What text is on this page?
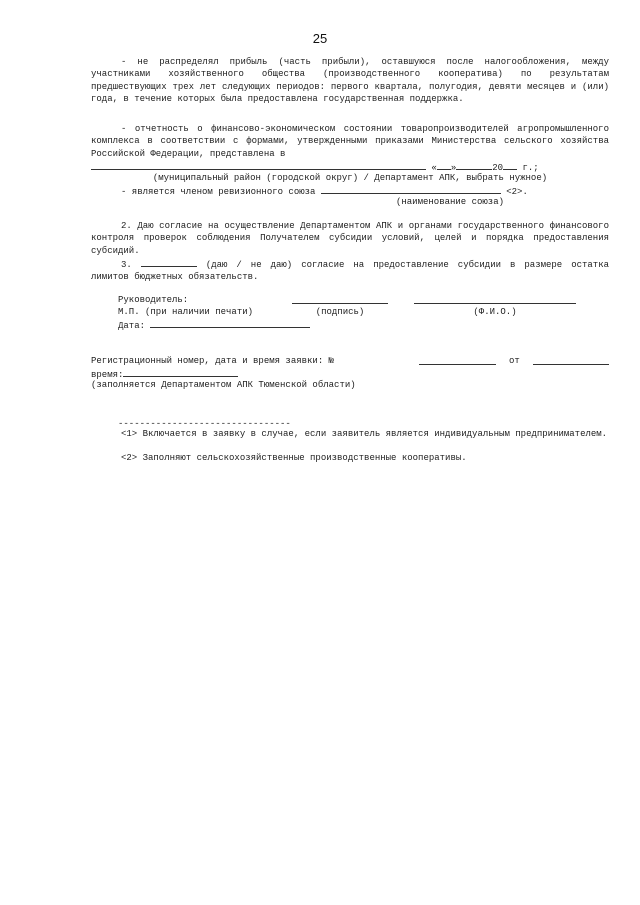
25

- не распределял прибыль (часть прибыли), оставшуюся после налогообложения, между участниками хозяйственного общества (производственного кооператива) по результатам предшествующих трех лет следующих периодов: первого квартала, полугодия, девяти месяцев и (или) года, в течение которых была предоставлена государственная поддержка.

- отчетность о финансово-экономическом состоянии товаропроизводителей агропромышленного комплекса в соответствии с формами, утвержденными приказами Министерства сельского хозяйства Российской Федерации, представлена в

« »	20 г.;
(муниципальный район (городской округ) / Департамент АПК, выбрать нужное)
- является членом ревизионного союза	<2>.
(наименование союза)

2. Даю согласие на осуществление Департаментом АПК и органами государственного финансового контроля проверок соблюдения Получателем субсидии условий, целей и порядка предоставления субсидий.

3.	(даю / не даю) согласие на предоставление субсидии в размере остатка лимитов бюджетных обязательств.

Руководитель:
М.П. (при наличии печати)	(подпись)	(Ф.И.О.)
Дата:
Регистрационный номер, дата и время заявки: №	от
время:
(заполняется Департаментом АПК Тюменской области)
--------------------------------

<1> Включается в заявку в случае, если заявитель является индивидуальным предпринимателем.

<2> Заполняют сельскохозяйственные производственные кооперативы.
